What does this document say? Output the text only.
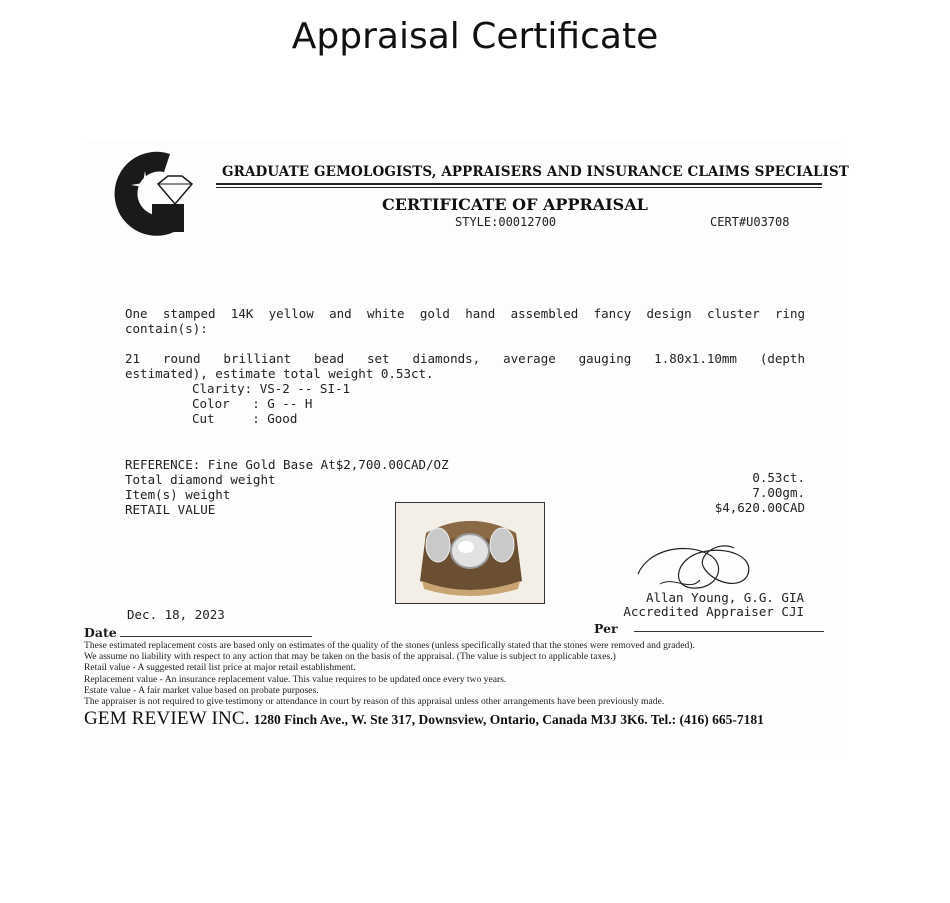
Appraisal Certificate
GRADUATE GEMOLOGISTS, APPRAISERS AND INSURANCE CLAIMS SPECIALIST
CERTIFICATE OF APPRAISAL
STYLE:00012700	CERT#U03708
One stamped 14K yellow and white gold hand assembled fancy design cluster ring
contain(s):
21 round brilliant bead set diamonds, average gauging 1.80x1.10mm (depth
estimated), estimate total weight 0.53ct.
Clarity: VS-2 -- SI-1
Color   : G -- H
Cut     : Good
REFERENCE: Fine Gold Base At$2,700.00CAD/OZ
Total diamond weight	0.53ct.
Item(s) weight	7.00gm.
RETAIL VALUE	$4,620.00CAD
Dec. 18, 2023
Allan Young, G.G. GIA
Accredited Appraiser CJI
Date	Per
These estimated replacement costs are based only on estimates of the quality of the stones (unless specifically stated that the stones were removed and graded).
We assume no liability with respect to any action that may be taken on the basis of the appraisal. (The value is subject to applicable taxes.)
Retail value - A suggested retail list price at major retail establishment.
Replacement value - An insurance replacement value. This value requires to be updated once every two years.
Estate value - A fair market value based on probate purposes.
The appraiser is not required to give testimony or attendance in court by reason of this appraisal unless other arrangements have been previously made.
GEM REVIEW INC. 1280 Finch Ave., W. Ste 317, Downsview, Ontario, Canada M3J 3K6. Tel.: (416) 665-7181
